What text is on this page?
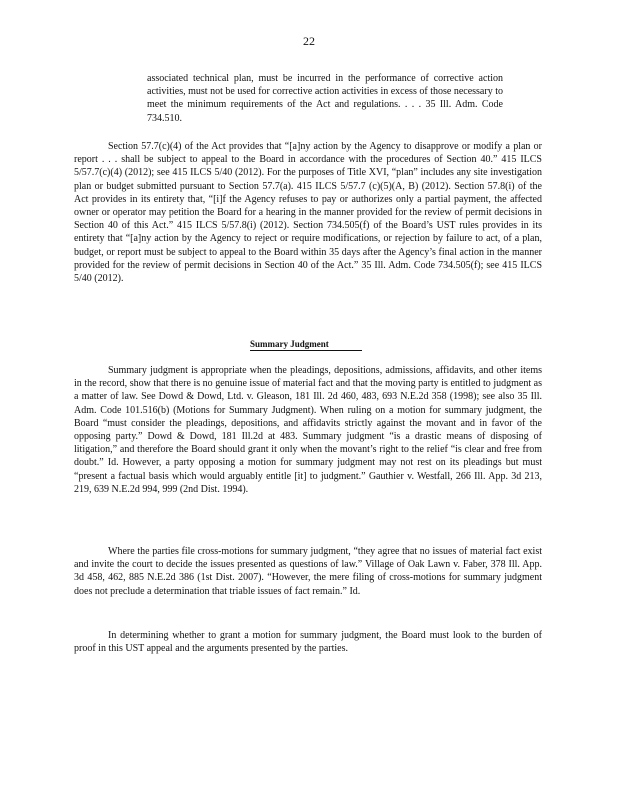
22
associated technical plan, must be incurred in the performance of corrective action activities, must not be used for corrective action activities in excess of those necessary to meet the minimum requirements of the Act and regulations. . . . 35 Ill. Adm. Code 734.510.
Section 57.7(c)(4) of the Act provides that “[a]ny action by the Agency to disapprove or modify a plan or report . . . shall be subject to appeal to the Board in accordance with the procedures of Section 40.” 415 ILCS 5/57.7(c)(4) (2012); see 415 ILCS 5/40 (2012). For the purposes of Title XVI, “plan” includes any site investigation plan or budget submitted pursuant to Section 57.7(a). 415 ILCS 5/57.7 (c)(5)(A, B) (2012). Section 57.8(i) of the Act provides in its entirety that, “[i]f the Agency refuses to pay or authorizes only a partial payment, the affected owner or operator may petition the Board for a hearing in the manner provided for the review of permit decisions in Section 40 of this Act.” 415 ILCS 5/57.8(i) (2012). Section 734.505(f) of the Board’s UST rules provides in its entirety that “[a]ny action by the Agency to reject or require modifications, or rejection by failure to act, of a plan, budget, or report must be subject to appeal to the Board within 35 days after the Agency’s final action in the manner provided for the review of permit decisions in Section 40 of the Act.” 35 Ill. Adm. Code 734.505(f); see 415 ILCS 5/40 (2012).
Summary Judgment
Summary judgment is appropriate when the pleadings, depositions, admissions, affidavits, and other items in the record, show that there is no genuine issue of material fact and that the moving party is entitled to judgment as a matter of law. See Dowd & Dowd, Ltd. v. Gleason, 181 Ill. 2d 460, 483, 693 N.E.2d 358 (1998); see also 35 Ill. Adm. Code 101.516(b) (Motions for Summary Judgment). When ruling on a motion for summary judgment, the Board “must consider the pleadings, depositions, and affidavits strictly against the movant and in favor of the opposing party.” Dowd & Dowd, 181 Ill.2d at 483. Summary judgment “is a drastic means of disposing of litigation,” and therefore the Board should grant it only when the movant’s right to the relief “is clear and free from doubt.” Id. However, a party opposing a motion for summary judgment may not rest on its pleadings but must “present a factual basis which would arguably entitle [it] to judgment.” Gauthier v. Westfall, 266 Ill. App. 3d 213, 219, 639 N.E.2d 994, 999 (2nd Dist. 1994).
Where the parties file cross-motions for summary judgment, “they agree that no issues of material fact exist and invite the court to decide the issues presented as questions of law.” Village of Oak Lawn v. Faber, 378 Ill. App. 3d 458, 462, 885 N.E.2d 386 (1st Dist. 2007). “However, the mere filing of cross-motions for summary judgment does not preclude a determination that triable issues of fact remain.” Id.
In determining whether to grant a motion for summary judgment, the Board must look to the burden of proof in this UST appeal and the arguments presented by the parties.
